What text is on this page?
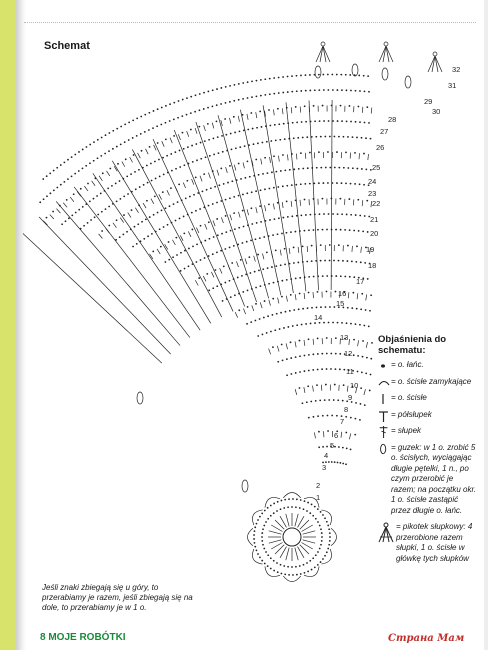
Schemat
1
2
3
4
5
6
7
8
9
10
11
12
13
14
15
16
17
18
19
20
21
22
23
24
25
26
27
28
29
30
31
32
Objaśnienia do schematu:
= o. łańc.
= o. ścisłe zamykające
= o. ścisłe
= półsłupek
= słupek
= guzek: w 1 o. zrobić 5 o. ścisłych, wyciągając długie pętelki, 1 n., po czym przerobić je razem; na początku okr. 1 o. ścisłe zastąpić przez długie o. łańc.
= pikotek słupkowy: 4 przerobione razem słupki, 1 o. ścisłe w główkę tych słupków
Jeśli znaki zbiegają się u góry, to przerabiamy je razem, jeśli zbiegają się na dole, to przerabiamy je w 1 o.
8 MOJE ROBÓTKI	Страна Мам
